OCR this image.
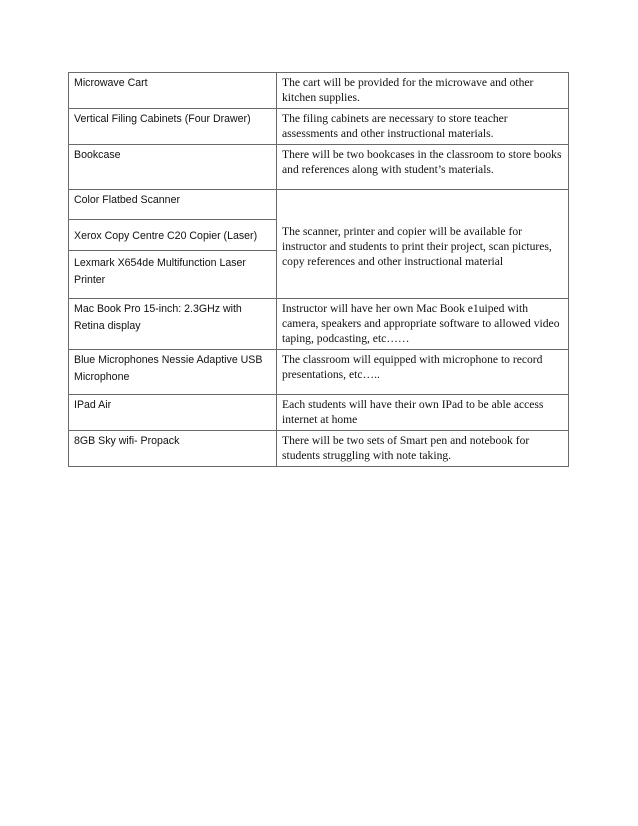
Microwave Cart	The cart will be provided for the microwave and other kitchen supplies.

Vertical Filing Cabinets (Four Drawer)	The filing cabinets are necessary to store teacher assessments and other instructional materials.

Bookcase	There will be two bookcases in the classroom to store books and references along with student’s materials.

Color Flatbed Scanner	The scanner, printer and copier will be available for instructor and students to print their project, scan pictures, copy references and other instructional material

Xerox Copy Centre C20 Copier (Laser)	

Lexmark X654de Multifunction Laser Printer	

Mac Book Pro 15-inch: 2.3GHz with Retina display	Instructor will have her own Mac Book e1uiped with camera, speakers and appropriate software to allowed video taping, podcasting, etc……

Blue Microphones Nessie Adaptive USB Microphone	The classroom will equipped with microphone to record presentations, etc…..

IPad Air	Each students will have their own IPad to be able access internet at home

8GB Sky wifi- Propack	There will be two sets of Smart pen and notebook for students struggling with note taking.
